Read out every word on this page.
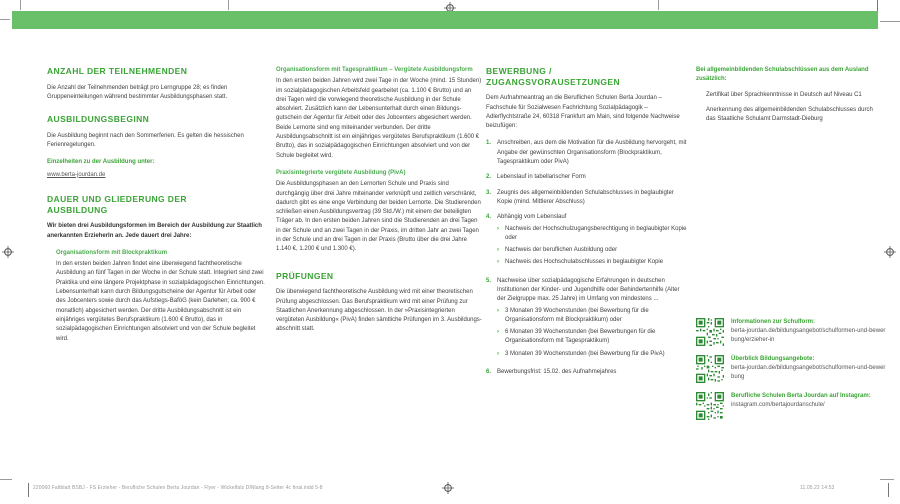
ANZAHL DER TEILNEHMENDEN

Die Anzahl der Teilnehmenden beträgt pro Lerngruppe 28; es finden Gruppeneinteilungen während bestimmter Ausbildungsphasen statt.

AUSBILDUNGSBEGINN

Die Ausbildung beginnt nach den Sommerferien. Es gelten die hessischen Ferienregelungen.

Einzelheiten zu der Ausbildung unter:

www.berta-jourdan.de
DAUER UND GLIEDERUNG DER AUSBILDUNG

Wir bieten drei Ausbildungsformen im Bereich der Ausbildung zur Staatlich anerkannten ErzieherIn an. Jede dauert drei Jahre:

Organisationsform mit Blockpraktikum

In den ersten beiden Jahren findet eine überwiegend fachtheoretische Ausbildung an fünf Tagen in der Woche in der Schule statt. Integriert sind zwei Praktika und eine längere Projektphase in sozialpädagogischen Einrichtungen. Lebensunterhalt kann durch Bildungsgutscheine der Agentur für Arbeit oder des Jobcenters sowie durch das Aufstiegs-BaföG (kein Darlehen; ca. 900 € monatlich) abgesichert werden. Der dritte Ausbildungsabschnitt ist ein einjähriges vergütetes Berufspraktikum (1.600 € Brutto), das in sozialpädagogischen Einrichtungen absolviert und von der Schule begleitet wird.

Organisationsform mit Tagespraktikum – Vergütete Ausbildungsform

In den ersten beiden Jahren wird zwei Tage in der Woche (mind. 15 Stunden) im sozialpädagogischen Arbeitsfeld gearbeitet (ca. 1.100 € Brutto) und an drei Tagen wird die vorwiegend theoretische Ausbildung in der Schule absolviert. Zusätzlich kann der Lebensunterhalt durch einen Bildungsgutschein der Agentur für Arbeit oder des Jobcenters abgesichert werden. Beide Lernorte sind eng miteinander verbunden. Der dritte Ausbildungsabschnitt ist ein einjähriges vergütetes Berufspraktikum (1.600 € Brutto), das in sozialpädagogischen Einrichtungen absolviert und von der Schule begleitet wird.

Praxisintegrierte vergütete Ausbildung (PivA)

Die Ausbildungsphasen an den Lernorten Schule und Praxis sind durchgängig über drei Jahre miteinander verknüpft und zeitlich verschränkt, dadurch gibt es eine enge Verbindung der beiden Lernorte. Die Studierenden schließen einen Ausbildungsvertrag (39 Std./W.) mit einem der beteiligten Träger ab. In den ersten beiden Jahren sind die Studierenden an drei Tagen in der Schule und an zwei Tagen in der Praxis, im dritten Jahr an zwei Tagen in der Schule und an drei Tagen in der Praxis (Brutto über die drei Jahre 1.140 €, 1.200 € und 1.300 €).

PRÜFUNGEN

Die überwiegend fachtheoretische Ausbildung wird mit einer theoretischen Prüfung abgeschlossen. Das Berufspraktikum wird mit einer Prüfung zur Staatlichen Anerkennung abgeschlossen. In der »Praxisintegrierten vergüteten Ausbildung« (PivA) finden sämtliche Prüfungen im 3. Ausbildungsabschnitt statt.

BEWERBUNG / ZUGANGSVORAUSETZUNGEN

Dem Aufnahmeantrag an die Beruflichen Schulen Berta Jourdan – Fachschule für Sozialwesen Fachrichtung Sozialpädagogik – Adlerflychtstraße 24, 60318 Frankfurt am Main, sind folgende Nachweise beizufügen:

1. Anschreiben, aus dem die Motivation für die Ausbildung hervorgeht, mit Angabe der gewünschten Organisationsform (Blockpraktikum, Tagespraktikum oder PivA)
2. Lebenslauf in tabellarischer Form
3. Zeugnis des allgemeinbildenden Schulabschlusses in beglaubigter Kopie (mind. Mittlerer Abschluss)
4. Abhängig vom Lebenslauf
›	Nachweis der Hochschulzugangsberechtigung in beglaubigter Kopie oder
›	Nachweis der beruflichen Ausbildung oder
›	Nachweis des Hochschulabschlusses in beglaubigter Kopie
5. Nachweise über sozialpädagogische Erfahrungen in deutschen Institutionen der Kinder- und Jugendhilfe oder Behindertenhilfe (Alter der Zielgruppe max. 25 Jahre) im Umfang von mindestens ...
›	3 Monaten 39 Wochenstunden (bei Bewerbung für die Organisationsform mit Blockpraktikum) oder
›	6 Monaten 39 Wochenstunden (bei Bewerbungen für die Organisationsform mit Tagespraktikum)
›	3 Monaten 39 Wochenstunden (bei Bewerbung für die PivA)
6. Bewerbungsfrist: 15.02. des Aufnahmejahres

Bei allgemeinbildenden Schulabschlüssen aus dem Ausland zusätzlich:

Zertifikat über Sprachkenntnisse in Deutsch auf Niveau C1

Anerkennung des allgemeinbildenden Schulabschlusses durch das Staatliche Schulamt Darmstadt-Dieburg

Informationen zur Schulform:
berta-jourdan.de/bildungsangebot/schulformen-und-bewerbung/erzieher-in
Überblick Bildungsangebote:
berta-jourdan.de/bildungsangebot/schulformen-und-bewerbung
Berufliche Schulen Berta Jourdan auf Instagram:
instagram.com/bertajourdanschule/
220060 Faltblatt BSBJ - FS Erzieher - Berufliche Schulen Berta Jourdan - Flyer - Wickelfalz DINlang 8-Seiter 4c final.indd 5-8	11.05.22 14:53
